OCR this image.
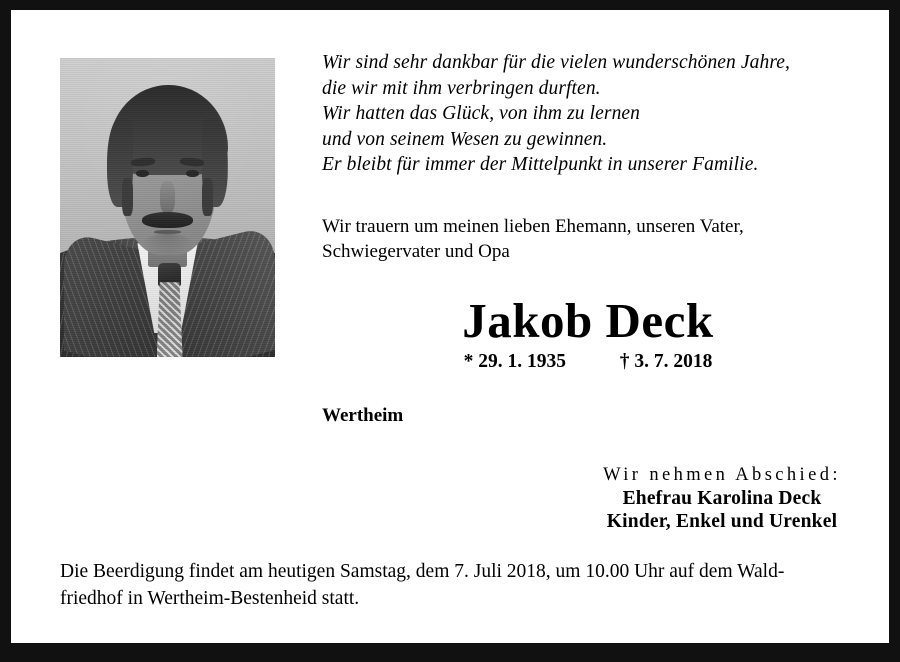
Wir sind sehr dankbar für die vielen wunderschönen Jahre,
die wir mit ihm verbringen durften.
Wir hatten das Glück, von ihm zu lernen
und von seinem Wesen zu gewinnen.
Er bleibt für immer der Mittelpunkt in unserer Familie.
Wir trauern um meinen lieben Ehemann, unseren Vater, Schwiegervater und Opa
Jakob Deck
* 29. 1. 1935	† 3. 7. 2018
Wertheim
Wir nehmen Abschied:
Ehefrau Karolina Deck
Kinder, Enkel und Urenkel
Die Beerdigung findet am heutigen Samstag, dem 7. Juli 2018, um 10.00 Uhr auf dem Wald-
friedhof in Wertheim-Bestenheid statt.
